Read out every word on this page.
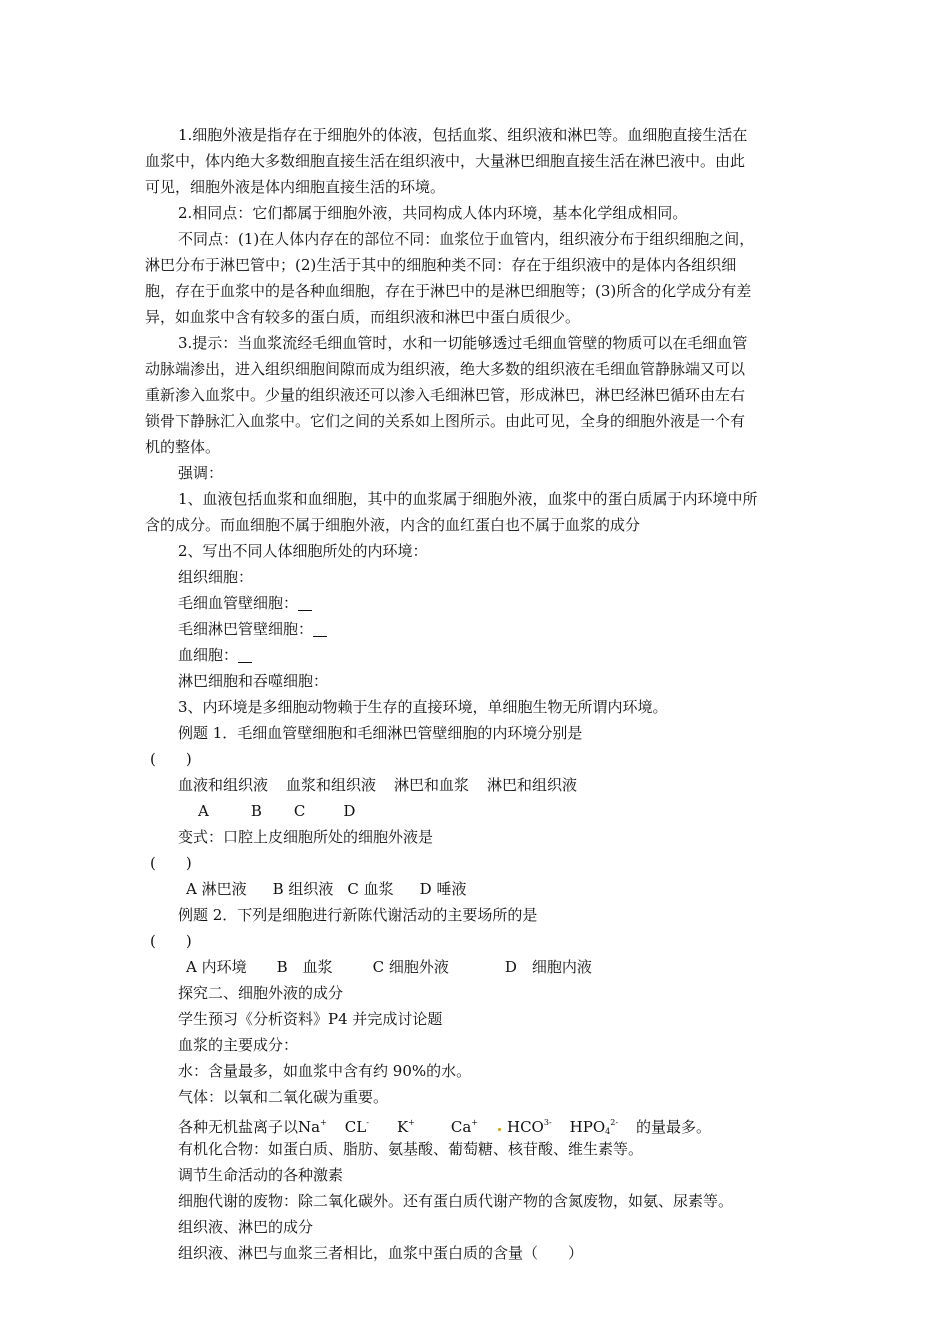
1.细胞外液是指存在于细胞外的体液，包括血浆、组织液和淋巴等。血细胞直接生活在
血浆中，体内绝大多数细胞直接生活在组织液中，大量淋巴细胞直接生活在淋巴液中。由此
可见，细胞外液是体内细胞直接生活的环境。
2.相同点：它们都属于细胞外液，共同构成人体内环境，基本化学组成相同。
不同点：(1)在人体内存在的部位不同：血浆位于血管内，组织液分布于组织细胞之间，
淋巴分布于淋巴管中；(2)生活于其中的细胞种类不同：存在于组织液中的是体内各组织细
胞，存在于血浆中的是各种血细胞，存在于淋巴中的是淋巴细胞等；(3)所含的化学成分有差
异，如血浆中含有较多的蛋白质，而组织液和淋巴中蛋白质很少。
3.提示：当血浆流经毛细血管时，水和一切能够透过毛细血管壁的物质可以在毛细血管
动脉端渗出，进入组织细胞间隙而成为组织液，绝大多数的组织液在毛细血管静脉端又可以
重新渗入血浆中。少量的组织液还可以渗入毛细淋巴管，形成淋巴，淋巴经淋巴循环由左右
锁骨下静脉汇入血浆中。它们之间的关系如上图所示。由此可见，全身的细胞外液是一个有
机的整体。
强调：
1、血液包括血浆和血细胞，其中的血浆属于细胞外液，血浆中的蛋白质属于内环境中所
含的成分。而血细胞不属于细胞外液，内含的血红蛋白也不属于血浆的成分
2、写出不同人体细胞所处的内环境：
组织细胞：
毛细血管壁细胞：
毛细淋巴管壁细胞：
血细胞：
淋巴细胞和吞噬细胞：
3、内环境是多细胞动物赖于生存的直接环境，单细胞生物无所谓内环境。
例题 1．毛细血管壁细胞和毛细淋巴管壁细胞的内环境分别是
(　　)
血液和组织液 血浆和组织液 淋巴和血浆 淋巴和组织液
A	B C	D
变式：口腔上皮细胞所处的细胞外液是
(　　)
A 淋巴液 B 组织液 C 血浆 D 唾液
例题 2．下列是细胞进行新陈代谢活动的主要场所的是
(　　)
A 内环境 B　血浆	C 细胞外液	D　细胞内液
探究二、细胞外液的成分
学生预习《分析资料》P4 并完成讨论题
血浆的主要成分：
水：含量最多，如血浆中含有约 90%的水。
气体：以氧和二氧化碳为重要。
各种无机盐离子以Na+ CL- K+ Ca+ $HCO^{3-}$ $HPO_4^{2-}$ 的量最多。
有机化合物：如蛋白质、脂肪、氨基酸、葡萄糖、核苷酸、维生素等。
调节生命活动的各种激素
细胞代谢的废物：除二氧化碳外。还有蛋白质代谢产物的含氮废物，如氨、尿素等。
组织液、淋巴的成分
组织液、淋巴与血浆三者相比，血浆中蛋白质的含量（　　）
